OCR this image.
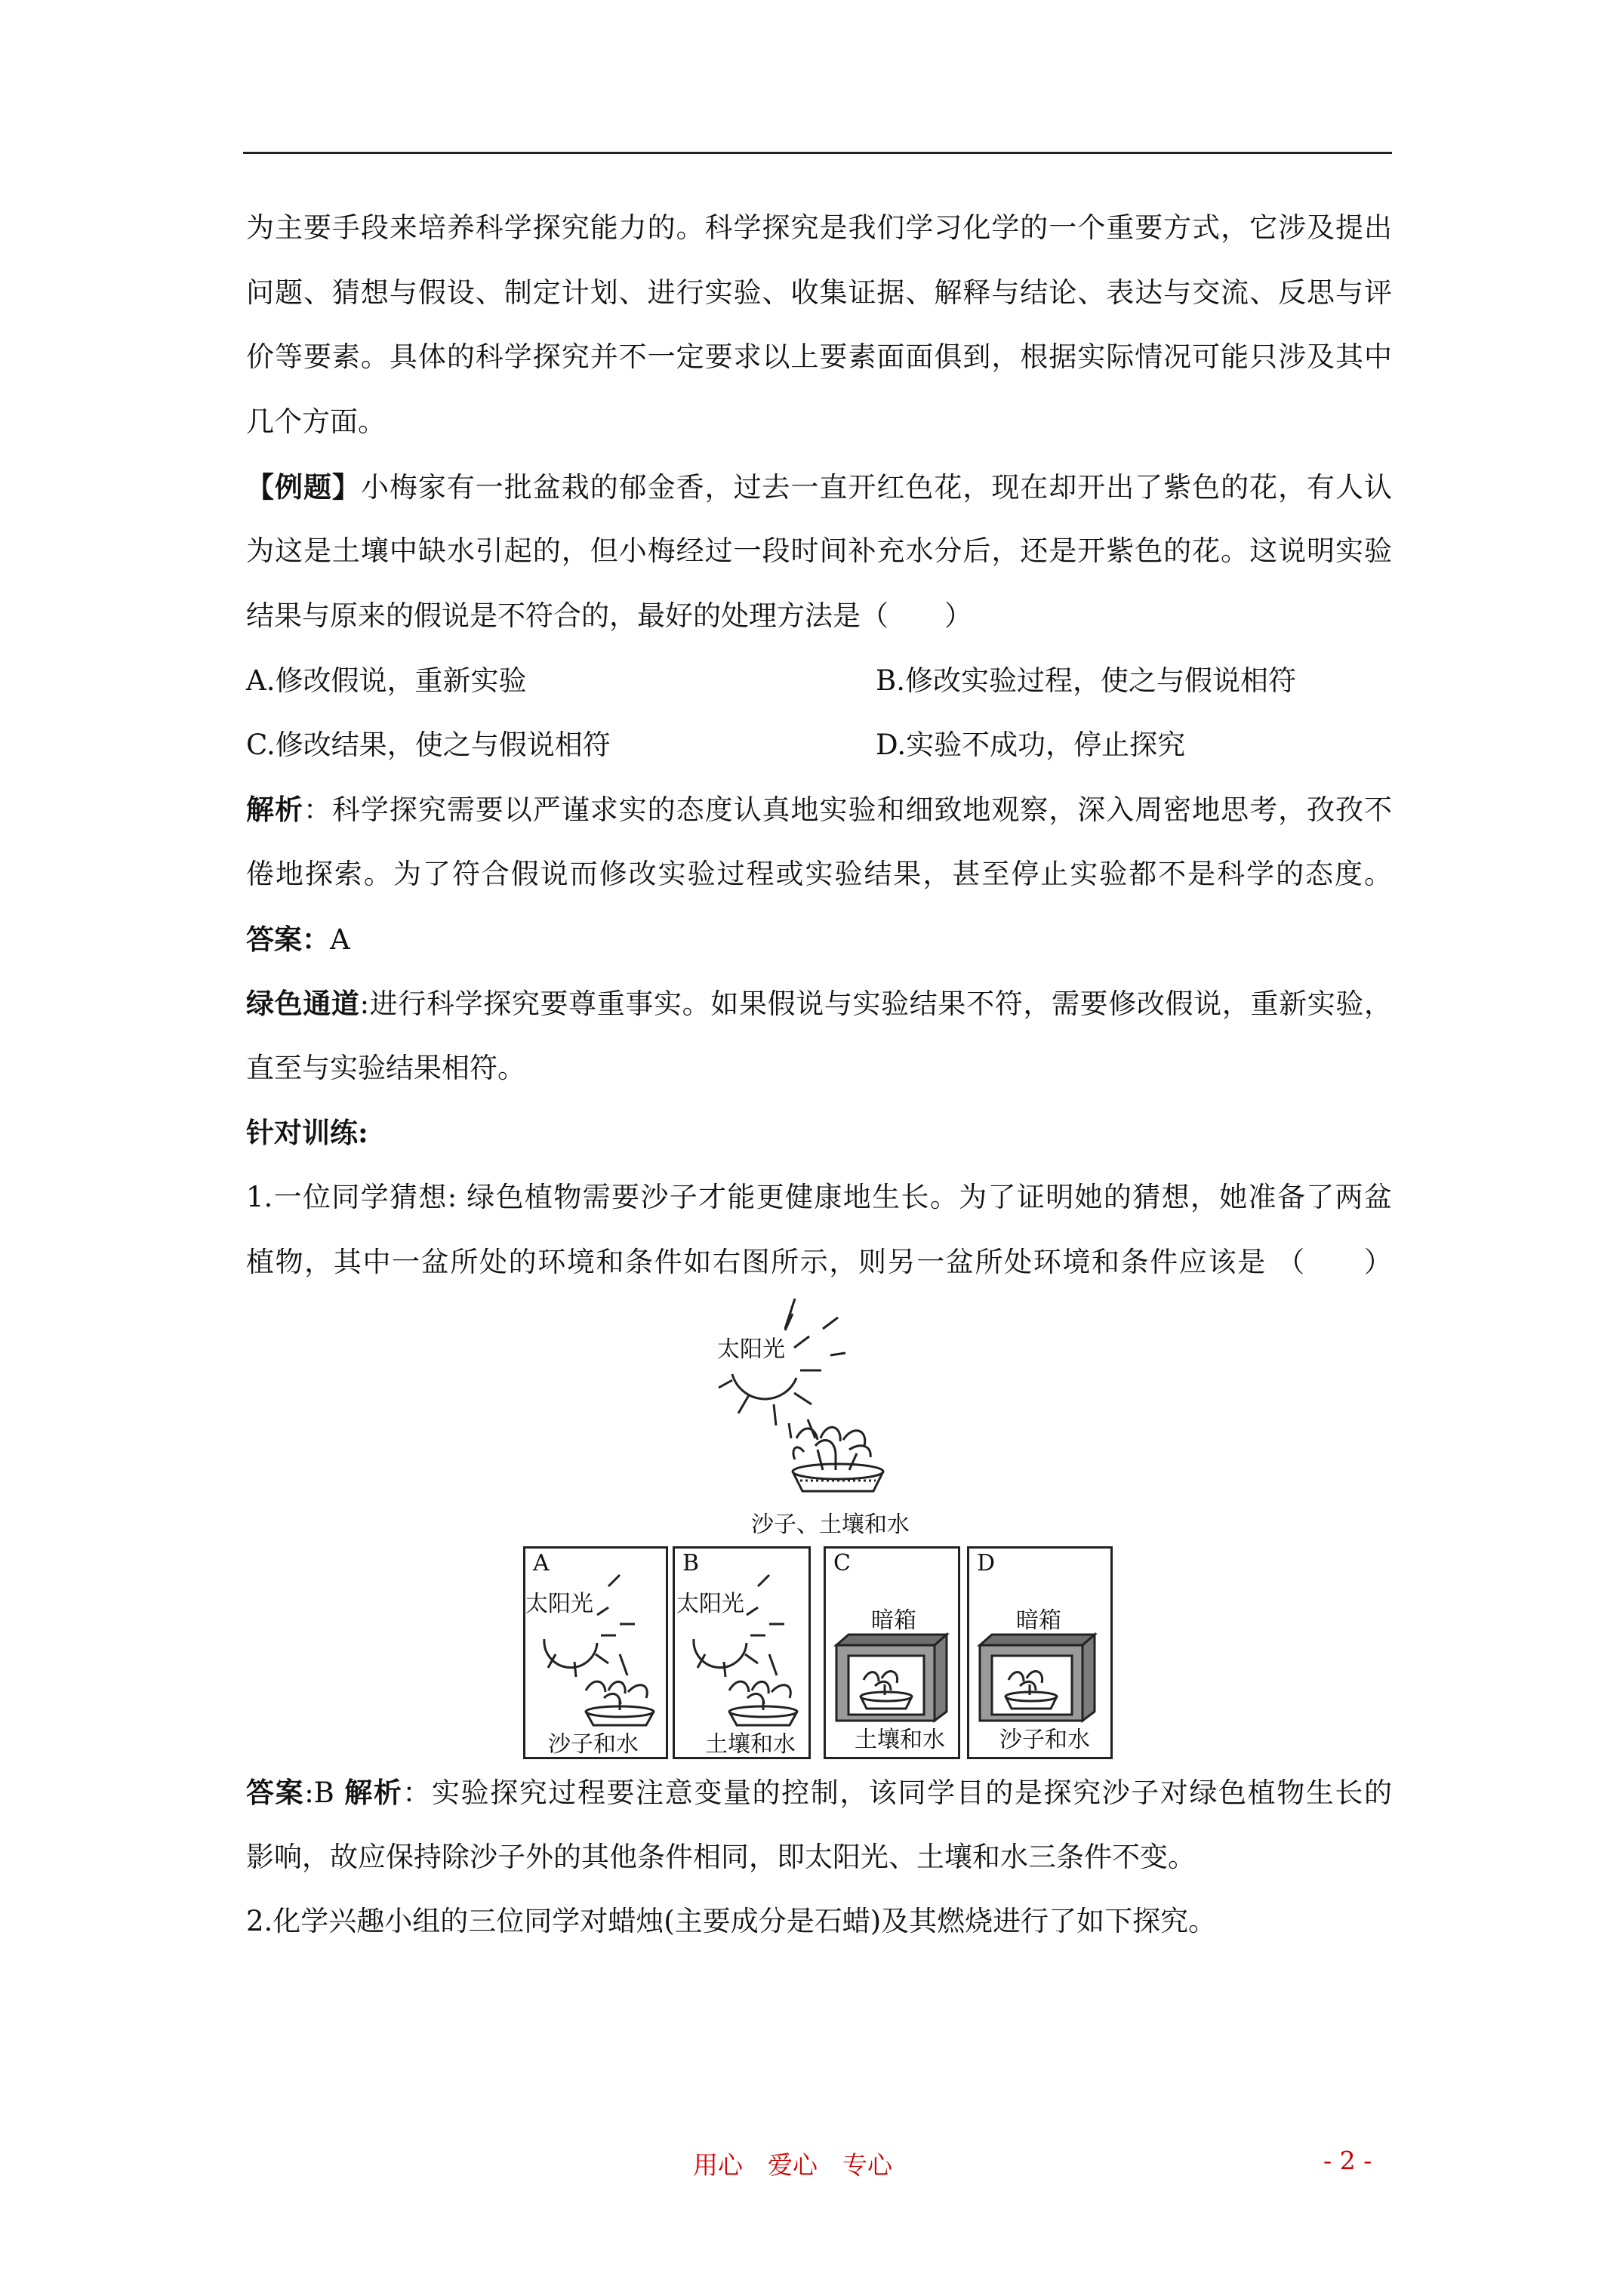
为主要手段来培养科学探究能力的。科学探究是我们学习化学的一个重要方式，它涉及提出

问题、猜想与假设、制定计划、进行实验、收集证据、解释与结论、表达与交流、反思与评

价等要素。具体的科学探究并不一定要求以上要素面面俱到，根据实际情况可能只涉及其中

几个方面。

【例题】小梅家有一批盆栽的郁金香，过去一直开红色花，现在却开出了紫色的花，有人认

为这是土壤中缺水引起的，但小梅经过一段时间补充水分后，还是开紫色的花。这说明实验

结果与原来的假说是不符合的，最好的处理方法是（　　）

A.修改假说，重新实验	B.修改实验过程，使之与假说相符
C.修改结果，使之与假说相符	D.实验不成功，停止探究

解析：科学探究需要以严谨求实的态度认真地实验和细致地观察，深入周密地思考，孜孜不

倦地探索。为了符合假说而修改实验过程或实验结果，甚至停止实验都不是科学的态度。

答案：A

绿色通道:进行科学探究要尊重事实。如果假说与实验结果不符，需要修改假说，重新实验，

直至与实验结果相符。

针对训练:

1.一位同学猜想: 绿色植物需要沙子才能更健康地生长。为了证明她的猜想，她准备了两盆

植物，其中一盆所处的环境和条件如右图所示，则另一盆所处环境和条件应该是 （　　）

太阳光
沙子、土壤和水
A
太阳光
沙子和水
B
太阳光
土壤和水
C
暗箱
土壤和水
D
暗箱
沙子和水

答案:B 解析：实验探究过程要注意变量的控制，该同学目的是探究沙子对绿色植物生长的

影响，故应保持除沙子外的其他条件相同，即太阳光、土壤和水三条件不变。

2.化学兴趣小组的三位同学对蜡烛(主要成分是石蜡)及其燃烧进行了如下探究。

用心　爱心　专心	- 2 -
